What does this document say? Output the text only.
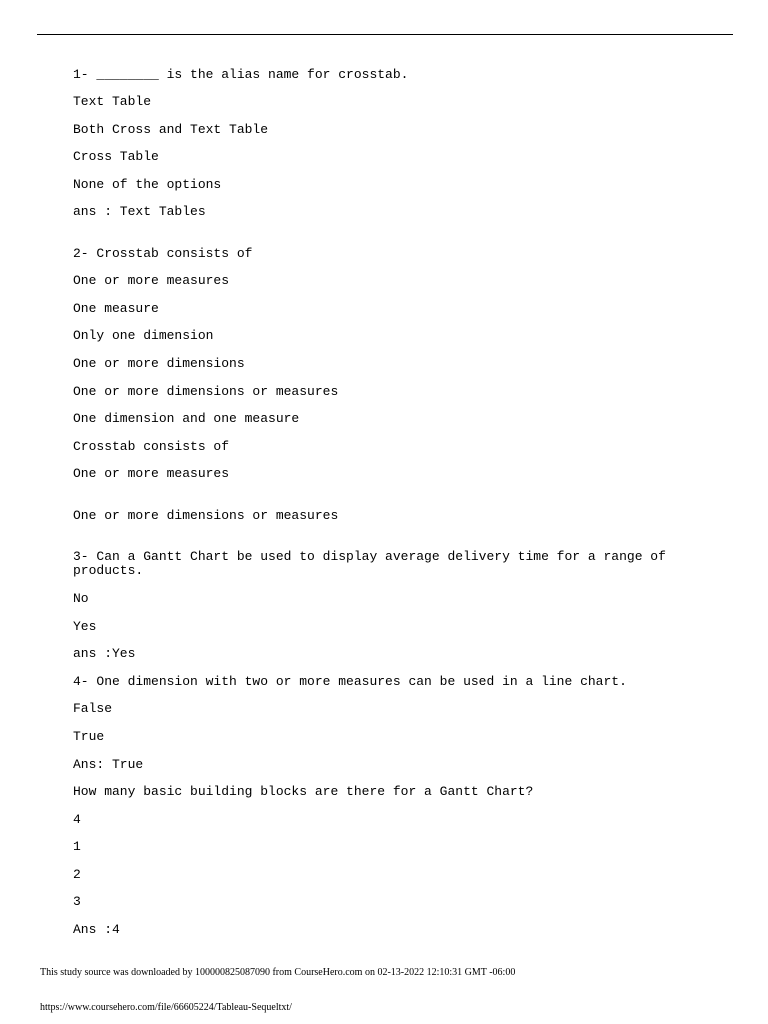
1- ________ is the alias name for crosstab.
Text Table
Both Cross and Text Table
Cross Table
None of the options
ans : Text Tables
2- Crosstab consists of
One or more measures
One measure
Only one dimension
One or more dimensions
One or more dimensions or measures
One dimension and one measure
Crosstab consists of
One or more measures
One or more dimensions or measures
3- Can a Gantt Chart be used to display average delivery time for a range of
products.
No
Yes
ans :Yes
4- One dimension with two or more measures can be used in a line chart.
False
True
Ans: True
How many basic building blocks are there for a Gantt Chart?
4
1
2
3
Ans :4
This study source was downloaded by 100000825087090 from CourseHero.com on 02-13-2022 12:10:31 GMT -06:00
https://www.coursehero.com/file/66605224/Tableau-Sequeltxt/
